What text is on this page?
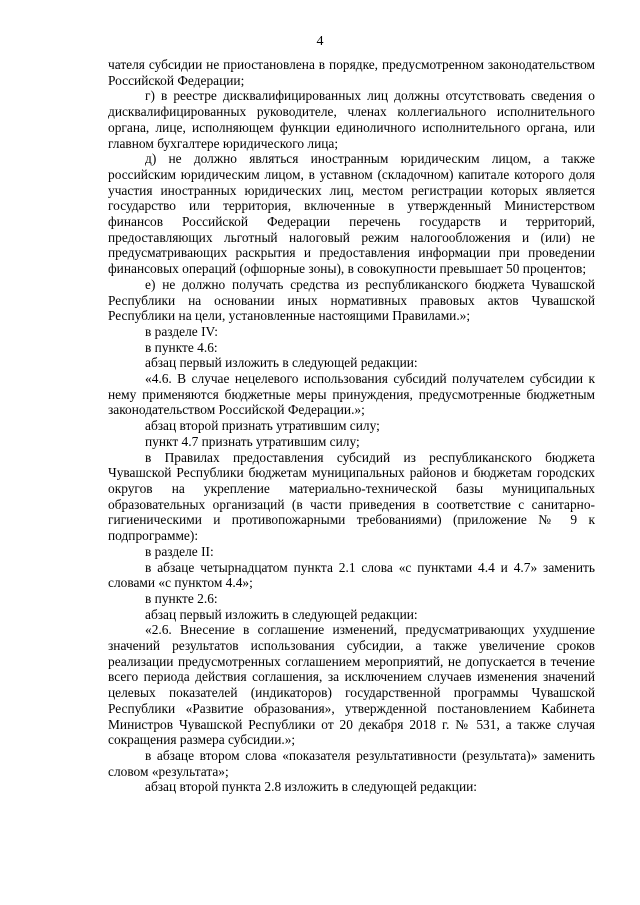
4

чателя субсидии не приостановлена в порядке, предусмотренном законодательством Российской Федерации;

г) в реестре дисквалифицированных лиц должны отсутствовать сведения о дисквалифицированных руководителе, членах коллегиального исполнительного органа, лице, исполняющем функции единоличного исполнительного органа, или главном бухгалтере юридического лица;

д) не должно являться иностранным юридическим лицом, а также российским юридическим лицом, в уставном (складочном) капитале которого доля участия иностранных юридических лиц, местом регистрации которых является государство или территория, включенные в утвержденный Министерством финансов Российской Федерации перечень государств и территорий, предоставляющих льготный налоговый режим налогообложения и (или) не предусматривающих раскрытия и предоставления информации при проведении финансовых операций (офшорные зоны), в совокупности превышает 50 процентов;

е) не должно получать средства из республиканского бюджета Чувашской Республики на основании иных нормативных правовых актов Чувашской Республики на цели, установленные настоящими Правилами.»;

в разделе IV:

в пункте 4.6:

абзац первый изложить в следующей редакции:

«4.6. В случае нецелевого использования субсидий получателем субсидии к нему применяются бюджетные меры принуждения, предусмотренные бюджетным законодательством Российской Федерации.»;

абзац второй признать утратившим силу;

пункт 4.7 признать утратившим силу;

в Правилах предоставления субсидий из республиканского бюджета Чувашской Республики бюджетам муниципальных районов и бюджетам городских округов на укрепление материально-технической базы муниципальных образовательных организаций (в части приведения в соответствие с санитарно-гигиеническими и противопожарными требованиями) (приложение № 9 к подпрограмме):

в разделе II:

в абзаце четырнадцатом пункта 2.1 слова «с пунктами 4.4 и 4.7» заменить словами «с пунктом 4.4»;

в пункте 2.6:

абзац первый изложить в следующей редакции:

«2.6. Внесение в соглашение изменений, предусматривающих ухудшение значений результатов использования субсидии, а также увеличение сроков реализации предусмотренных соглашением мероприятий, не допускается в течение всего периода действия соглашения, за исключением случаев изменения значений целевых показателей (индикаторов) государственной программы Чувашской Республики «Развитие образования», утвержденной постановлением Кабинета Министров Чувашской Республики от 20 декабря 2018 г. № 531, а также случая сокращения размера субсидии.»;

в абзаце втором слова «показателя результативности (результата)» заменить словом «результата»;

абзац второй пункта 2.8 изложить в следующей редакции:
